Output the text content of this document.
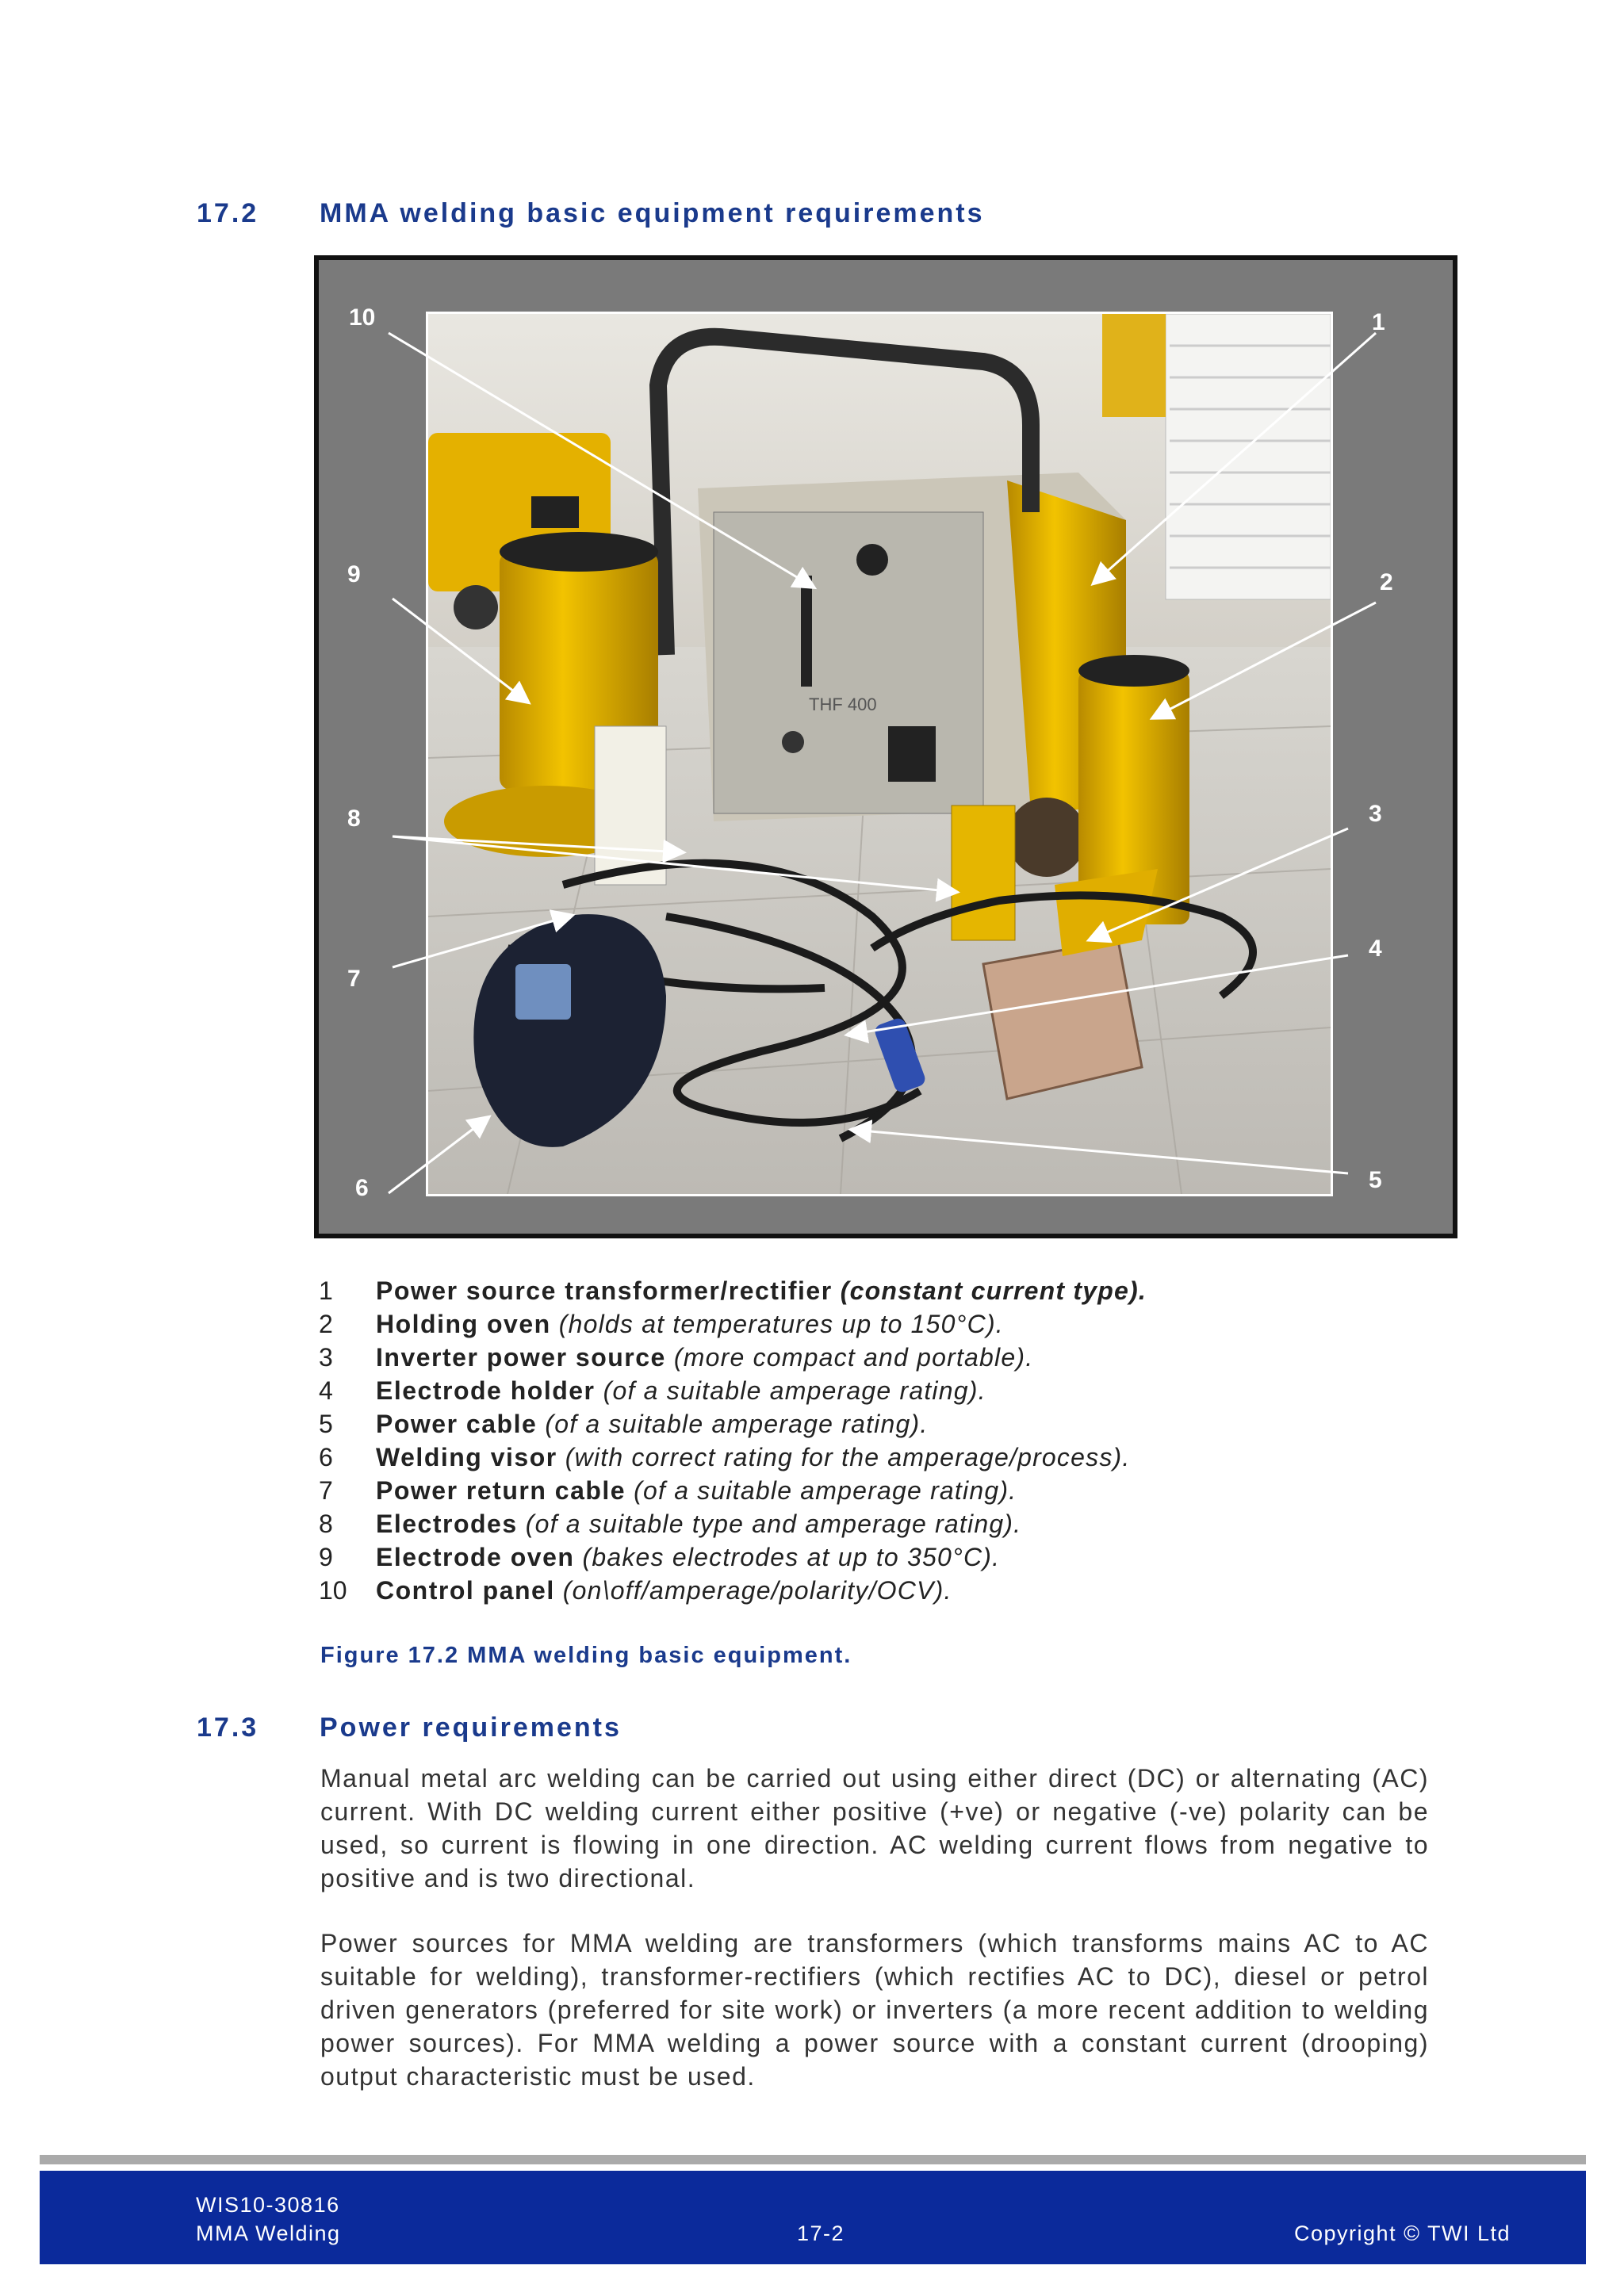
17.2 MMA welding basic equipment requirements
THF 400
10	1
9	2
8	3
7
4
6	5
1	Power source transformer/rectifier (constant current type).
2	Holding oven (holds at temperatures up to 150°C).
3	Inverter power source (more compact and portable).
4	Electrode holder (of a suitable amperage rating).
5	Power cable (of a suitable amperage rating).
6	Welding visor (with correct rating for the amperage/process).
7	Power return cable (of a suitable amperage rating).
8	Electrodes (of a suitable type and amperage rating).
9	Electrode oven (bakes electrodes at up to 350°C).
10	Control panel (on\off/amperage/polarity/OCV).
Figure 17.2 MMA welding basic equipment.
17.3 Power requirements
Manual metal arc welding can be carried out using either direct (DC) or alternating (AC) current. With DC welding current either positive (+ve) or negative (-ve) polarity can be used, so current is flowing in one direction. AC welding current flows from negative to positive and is two directional.
Power sources for MMA welding are transformers (which transforms mains AC to AC suitable for welding), transformer-rectifiers (which rectifies AC to DC), diesel or petrol driven generators (preferred for site work) or inverters (a more recent addition to welding power sources). For MMA welding a power source with a constant current (drooping) output characteristic must be used.
WIS10-30816
MMA Welding	17-2	Copyright © TWI Ltd
